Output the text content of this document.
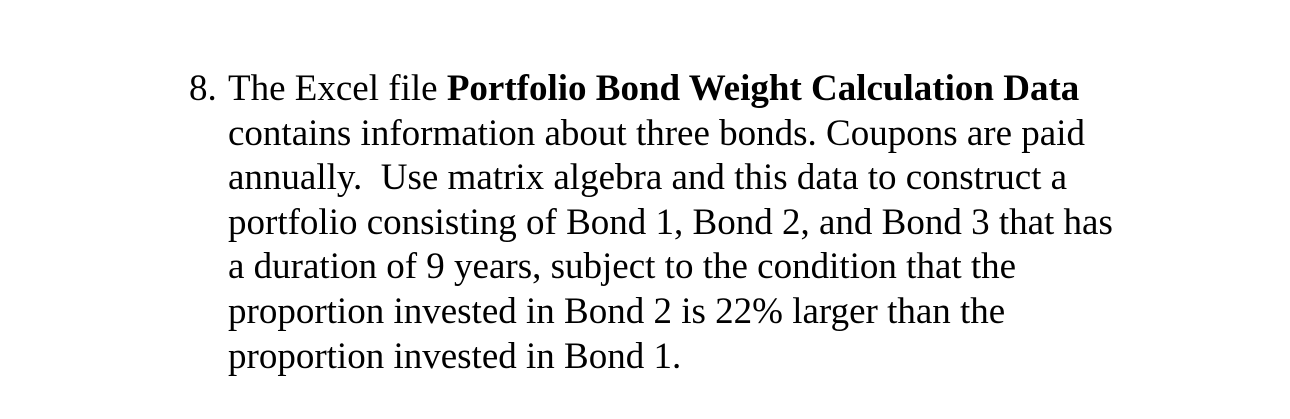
8. The Excel file Portfolio Bond Weight Calculation Data
contains information about three bonds. Coupons are paid
annually.  Use matrix algebra and this data to construct a
portfolio consisting of Bond 1, Bond 2, and Bond 3 that has
a duration of 9 years, subject to the condition that the
proportion invested in Bond 2 is 22% larger than the
proportion invested in Bond 1.
